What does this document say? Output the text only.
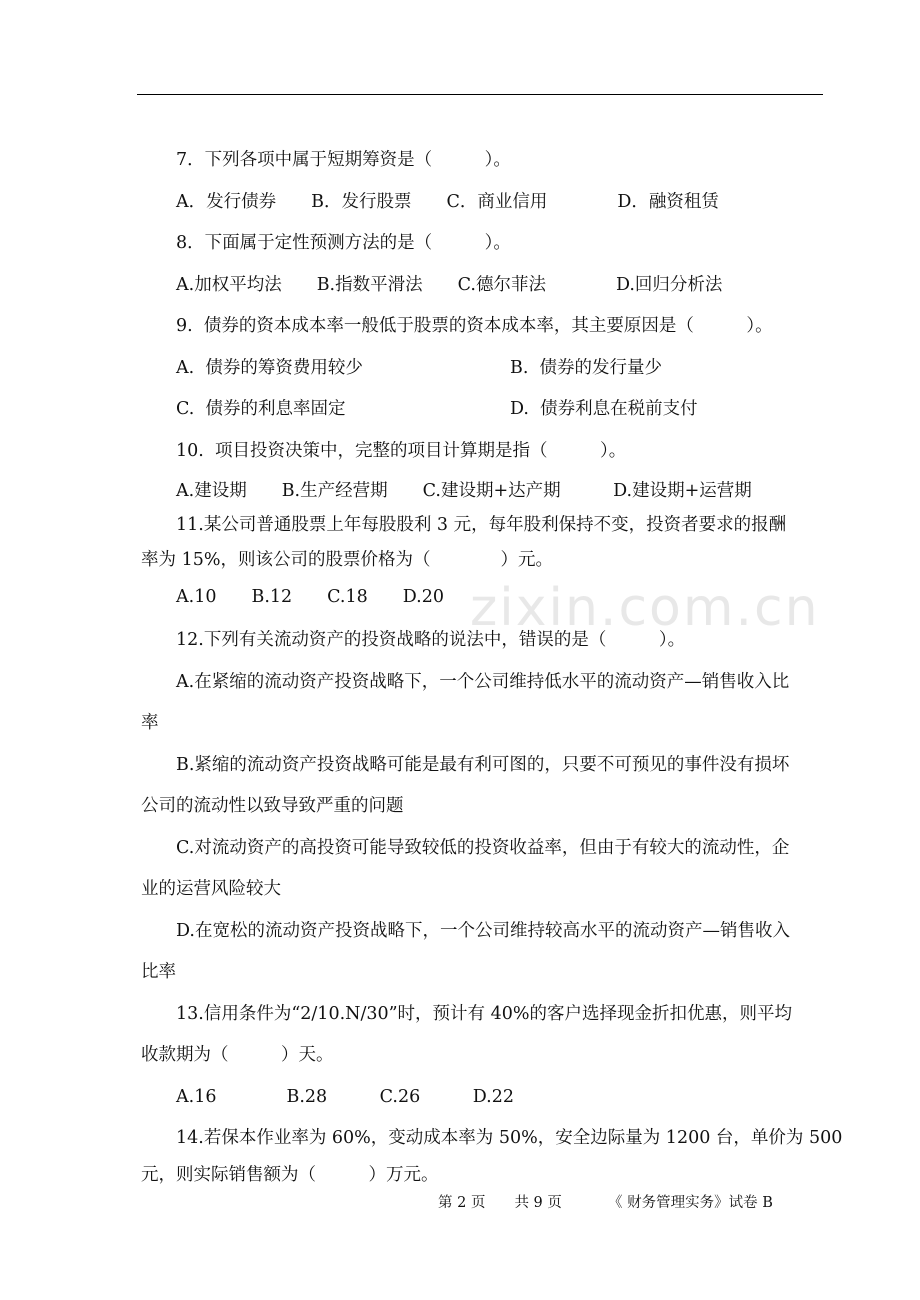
zixin.com.cn
7．下列各项中属于短期筹资是（　　　）。
A．发行债券　　B．发行股票　　C．商业信用　　　　D．融资租赁
8．下面属于定性预测方法的是（　　　）。
A.加权平均法　　B.指数平滑法　　C.德尔菲法　　　　D.回归分析法
9.  债券的资本成本率一般低于股票的资本成本率，其主要原因是（　　　）。
A.  债券的筹资费用较少	B.  债券的发行量少
C.  债券的利息率固定	D.  债券利息在税前支付
10.  项目投资决策中，完整的项目计算期是指（　　　）。
A.建设期　　B.生产经营期　　C.建设期+达产期　　　D.建设期+运营期
11.某公司普通股票上年每股股利 3 元，每年股利保持不变，投资者要求的报酬
率为 15%，则该公司的股票价格为（　　　　）元。
A.10　　B.12　　C.18　　D.20
12.下列有关流动资产的投资战略的说法中，错误的是（　　　）。
A.在紧缩的流动资产投资战略下，一个公司维持低水平的流动资产—销售收入比
率
B.紧缩的流动资产投资战略可能是最有利可图的，只要不可预见的事件没有损坏
公司的流动性以致导致严重的问题
C.对流动资产的高投资可能导致较低的投资收益率，但由于有较大的流动性，企
业的运营风险较大
D.在宽松的流动资产投资战略下，一个公司维持较高水平的流动资产—销售收入
比率
13.信用条件为“2/10.N/30”时，预计有 40%的客户选择现金折扣优惠，则平均
收款期为（　　　）天。
A.16　　　　B.28　　　C.26　　　D.22
14.若保本作业率为 60%，变动成本率为 50%，安全边际量为 1200 台，单价为 500
元，则实际销售额为（　　　）万元。
第 2 页　　共 9 页	《 财务管理实务》试卷 B
